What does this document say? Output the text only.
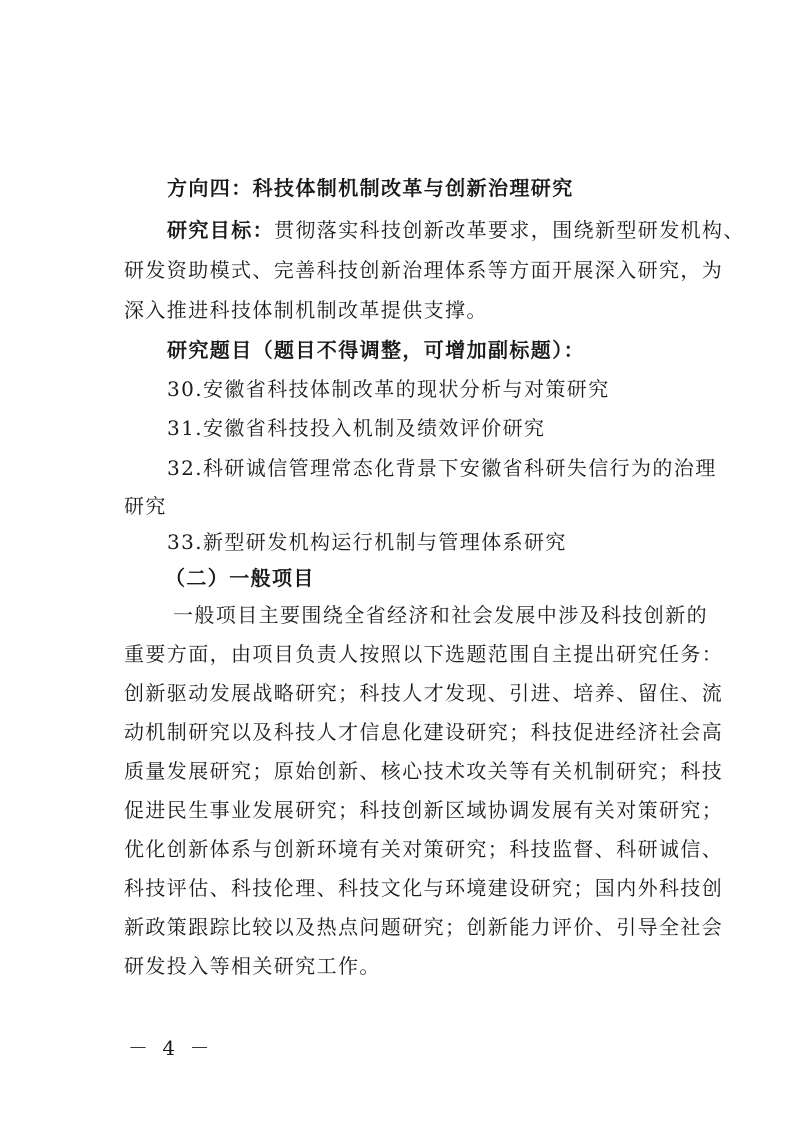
方向四：科技体制机制改革与创新治理研究
研究目标：贯彻落实科技创新改革要求，围绕新型研发机构、
研发资助模式、完善科技创新治理体系等方面开展深入研究，为
深入推进科技体制机制改革提供支撑。
研究题目（题目不得调整，可增加副标题）：
30.安徽省科技体制改革的现状分析与对策研究
31.安徽省科技投入机制及绩效评价研究
32.科研诚信管理常态化背景下安徽省科研失信行为的治理
研究
33.新型研发机构运行机制与管理体系研究
（二）一般项目
一般项目主要围绕全省经济和社会发展中涉及科技创新的
重要方面，由项目负责人按照以下选题范围自主提出研究任务：
创新驱动发展战略研究；科技人才发现、引进、培养、留住、流
动机制研究以及科技人才信息化建设研究；科技促进经济社会高
质量发展研究；原始创新、核心技术攻关等有关机制研究；科技
促进民生事业发展研究；科技创新区域协调发展有关对策研究；
优化创新体系与创新环境有关对策研究；科技监督、科研诚信、
科技评估、科技伦理、科技文化与环境建设研究；国内外科技创
新政策跟踪比较以及热点问题研究；创新能力评价、引导全社会
研发投入等相关研究工作。
－ 4 －
